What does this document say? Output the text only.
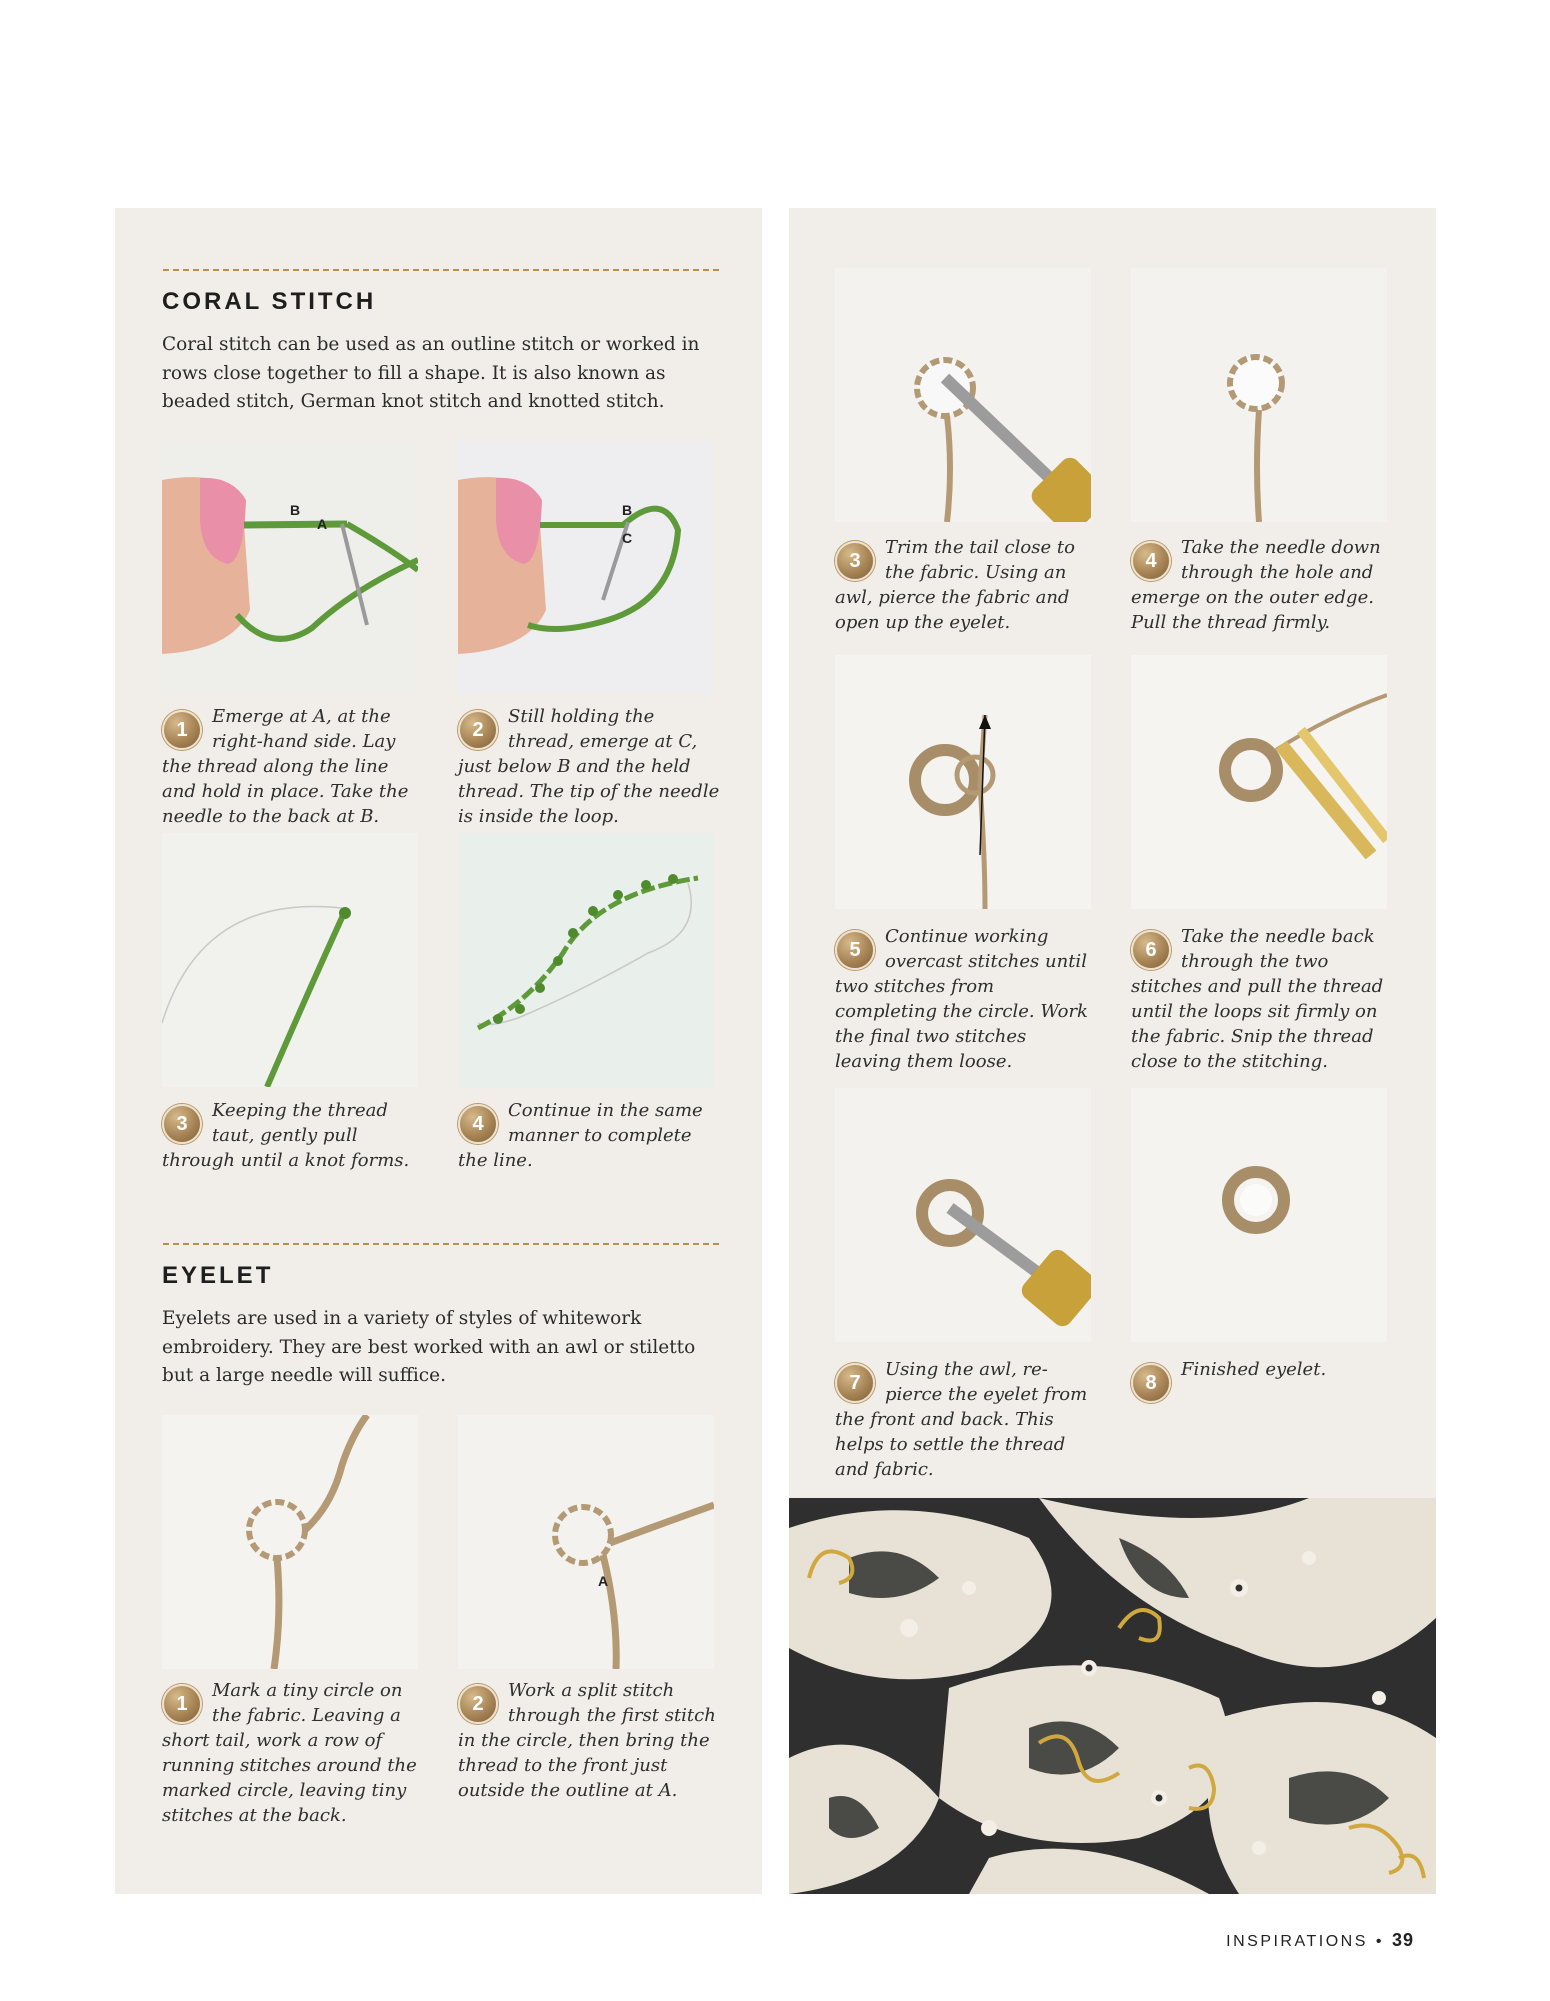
CORAL STITCH

Coral stitch can be used as an outline stitch or worked in rows close together to fill a shape. It is also known as beaded stitch, German knot stitch and knotted stitch.

B
A
B
C
1
Emerge at A, at the right-hand side. Lay the thread along the line and hold in place. Take the needle to the back at B.
2
Still holding the thread, emerge at C, just below B and the held thread. The tip of the needle is inside the loop.
3
Keeping the thread taut, gently pull through until a knot forms.
4
Continue in the same manner to complete the line.
EYELET

Eyelets are used in a variety of styles of whitework embroidery. They are best worked with an awl or stiletto but a large needle will suffice.

A
1
Mark a tiny circle on the fabric. Leaving a short tail, work a row of running stitches around the marked circle, leaving tiny stitches at the back.
2
Work a split stitch through the first stitch in the circle, then bring the thread to the front just outside the outline at A.
3
Trim the tail close to the fabric. Using an awl, pierce the fabric and open up the eyelet.
4
Take the needle down through the hole and emerge on the outer edge. Pull the thread firmly.
5
Continue working overcast stitches until two stitches from completing the circle. Work the final two stitches leaving them loose.
6
Take the needle back through the two stitches and pull the thread until the loops sit firmly on the fabric. Snip the thread close to the stitching.
7
Using the awl, re-pierce the eyelet from the front and back. This helps to settle the thread and fabric.
8
Finished eyelet.
INSPIRATIONS • 39
